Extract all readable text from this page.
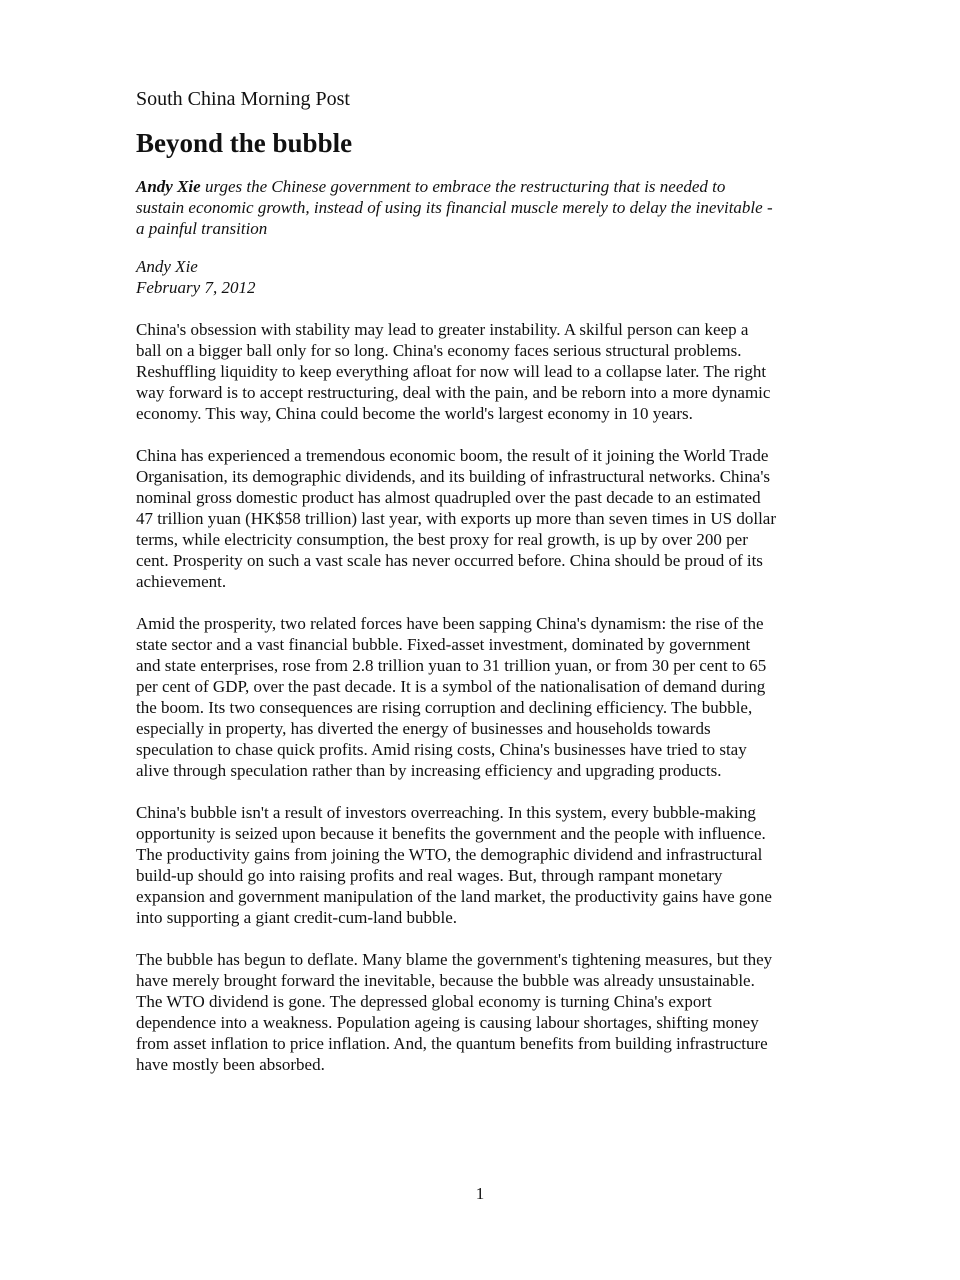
South China Morning Post
Beyond the bubble
Andy Xie urges the Chinese government to embrace the restructuring that is needed to
sustain economic growth, instead of using its financial muscle merely to delay the inevitable -
a painful transition
Andy Xie
February 7, 2012
China's obsession with stability may lead to greater instability. A skilful person can keep a
ball on a bigger ball only for so long. China's economy faces serious structural problems.
Reshuffling liquidity to keep everything afloat for now will lead to a collapse later. The right
way forward is to accept restructuring, deal with the pain, and be reborn into a more dynamic
economy. This way, China could become the world's largest economy in 10 years.
China has experienced a tremendous economic boom, the result of it joining the World Trade
Organisation, its demographic dividends, and its building of infrastructural networks. China's
nominal gross domestic product has almost quadrupled over the past decade to an estimated
47 trillion yuan (HK$58 trillion) last year, with exports up more than seven times in US dollar
terms, while electricity consumption, the best proxy for real growth, is up by over 200 per
cent. Prosperity on such a vast scale has never occurred before. China should be proud of its
achievement.
Amid the prosperity, two related forces have been sapping China's dynamism: the rise of the
state sector and a vast financial bubble. Fixed-asset investment, dominated by government
and state enterprises, rose from 2.8 trillion yuan to 31 trillion yuan, or from 30 per cent to 65
per cent of GDP, over the past decade. It is a symbol of the nationalisation of demand during
the boom. Its two consequences are rising corruption and declining efficiency. The bubble,
especially in property, has diverted the energy of businesses and households towards
speculation to chase quick profits. Amid rising costs, China's businesses have tried to stay
alive through speculation rather than by increasing efficiency and upgrading products.
China's bubble isn't a result of investors overreaching. In this system, every bubble-making
opportunity is seized upon because it benefits the government and the people with influence.
The productivity gains from joining the WTO, the demographic dividend and infrastructural
build-up should go into raising profits and real wages. But, through rampant monetary
expansion and government manipulation of the land market, the productivity gains have gone
into supporting a giant credit-cum-land bubble.
The bubble has begun to deflate. Many blame the government's tightening measures, but they
have merely brought forward the inevitable, because the bubble was already unsustainable.
The WTO dividend is gone. The depressed global economy is turning China's export
dependence into a weakness. Population ageing is causing labour shortages, shifting money
from asset inflation to price inflation. And, the quantum benefits from building infrastructure
have mostly been absorbed.
1
